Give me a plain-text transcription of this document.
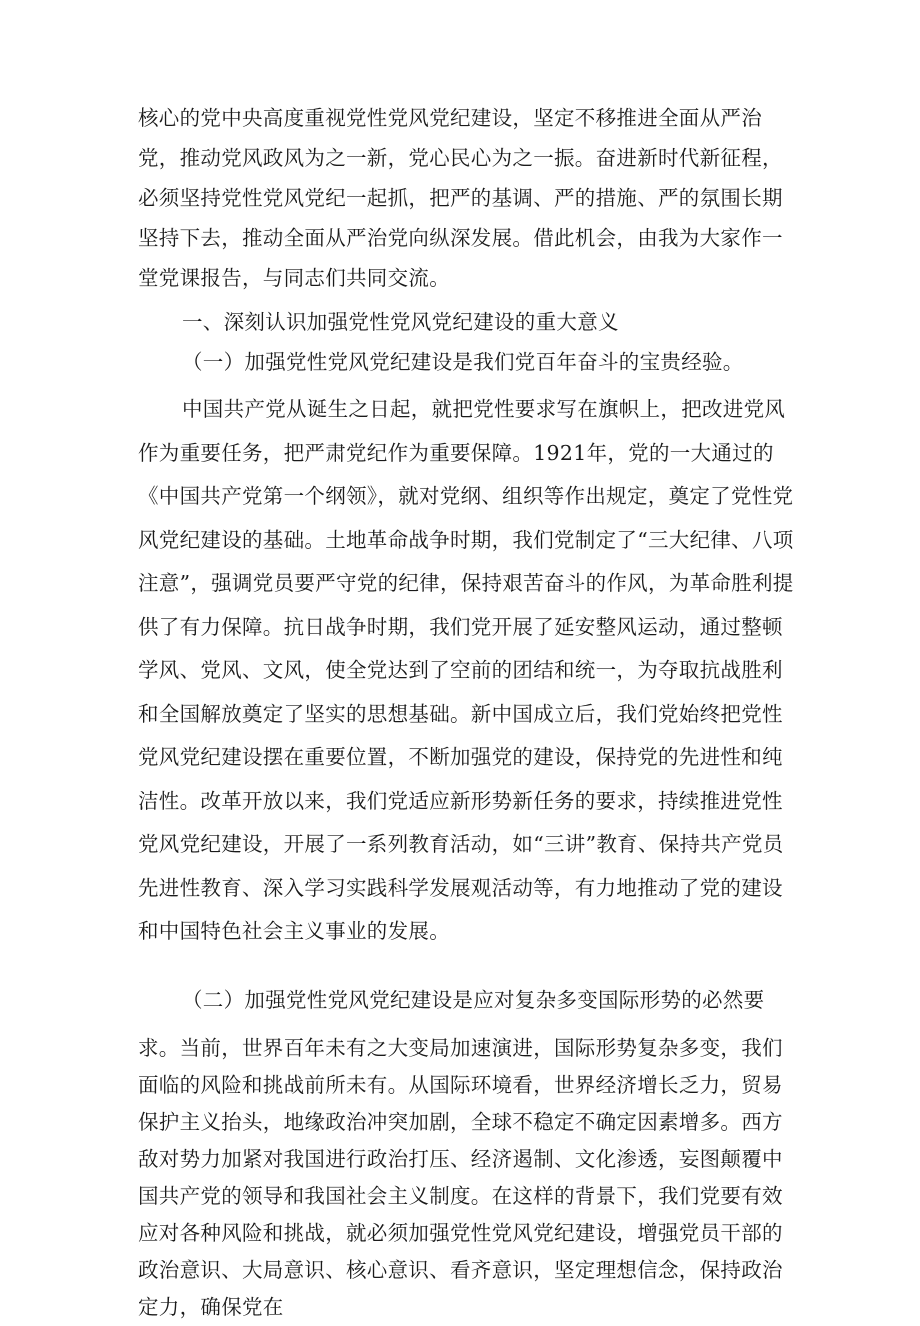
核心的党中央高度重视党性党风党纪建设，坚定不移推进全面从严治党，推动党风政风为之一新，党心民心为之一振。奋进新时代新征程，必须坚持党性党风党纪一起抓，把严的基调、严的措施、严的氛围长期坚持下去，推动全面从严治党向纵深发展。借此机会，由我为大家作一堂党课报告，与同志们共同交流。

一、深刻认识加强党性党风党纪建设的重大意义

（一）加强党性党风党纪建设是我们党百年奋斗的宝贵经验。

中国共产党从诞生之日起，就把党性要求写在旗帜上，把改进党风作为重要任务，把严肃党纪作为重要保障。1921年，党的一大通过的《中国共产党第一个纲领》，就对党纲、组织等作出规定，奠定了党性党风党纪建设的基础。土地革命战争时期，我们党制定了“三大纪律、八项注意”，强调党员要严守党的纪律，保持艰苦奋斗的作风，为革命胜利提供了有力保障。抗日战争时期，我们党开展了延安整风运动，通过整顿学风、党风、文风，使全党达到了空前的团结和统一，为夺取抗战胜利和全国解放奠定了坚实的思想基础。新中国成立后，我们党始终把党性党风党纪建设摆在重要位置，不断加强党的建设，保持党的先进性和纯洁性。改革开放以来，我们党适应新形势新任务的要求，持续推进党性党风党纪建设，开展了一系列教育活动，如“三讲”教育、保持共产党员先进性教育、深入学习实践科学发展观活动等，有力地推动了党的建设和中国特色社会主义事业的发展。

（二）加强党性党风党纪建设是应对复杂多变国际形势的必然要

求。当前，世界百年未有之大变局加速演进，国际形势复杂多变，我们面临的风险和挑战前所未有。从国际环境看，世界经济增长乏力，贸易保护主义抬头，地缘政治冲突加剧，全球不稳定不确定因素增多。西方敌对势力加紧对我国进行政治打压、经济遏制、文化渗透，妄图颠覆中国共产党的领导和我国社会主义制度。在这样的背景下，我们党要有效应对各种风险和挑战，就必须加强党性党风党纪建设，增强党员干部的政治意识、大局意识、核心意识、看齐意识，坚定理想信念，保持政治定力，确保党在
